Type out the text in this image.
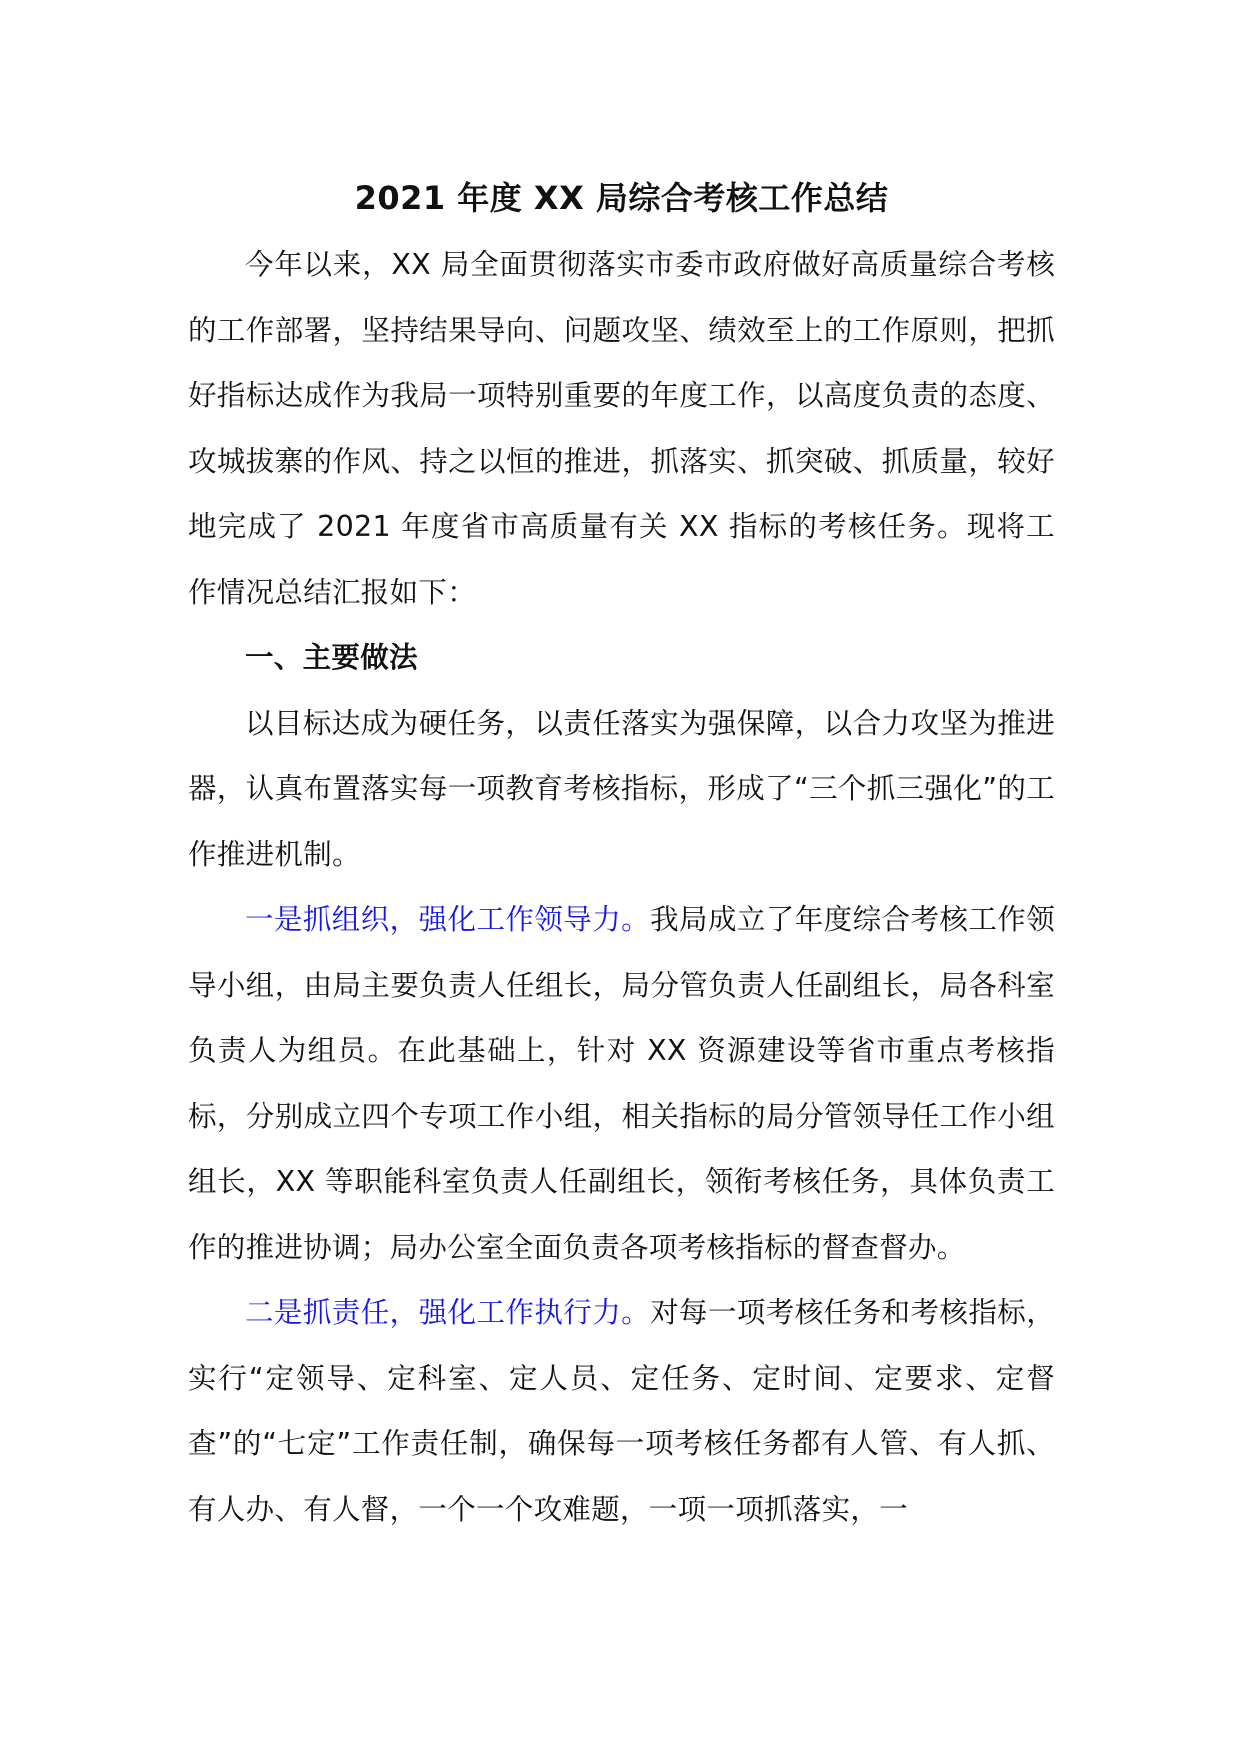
2021 年度 XX 局综合考核工作总结

今年以来，XX 局全面贯彻落实市委市政府做好高质量综合考核的工作部署，坚持结果导向、问题攻坚、绩效至上的工作原则，把抓好指标达成作为我局一项特别重要的年度工作，以高度负责的态度、攻城拔寨的作风、持之以恒的推进，抓落实、抓突破、抓质量，较好地完成了 2021 年度省市高质量有关 XX 指标的考核任务。现将工作情况总结汇报如下：

一、主要做法

以目标达成为硬任务，以责任落实为强保障，以合力攻坚为推进器，认真布置落实每一项教育考核指标，形成了“三个抓三强化”的工作推进机制。

一是抓组织，强化工作领导力。我局成立了年度综合考核工作领导小组，由局主要负责人任组长，局分管负责人任副组长，局各科室负责人为组员。在此基础上，针对 XX 资源建设等省市重点考核指标，分别成立四个专项工作小组，相关指标的局分管领导任工作小组组长，XX 等职能科室负责人任副组长，领衔考核任务，具体负责工作的推进协调；局办公室全面负责各项考核指标的督查督办。

二是抓责任，强化工作执行力。对每一项考核任务和考核指标，实行“定领导、定科室、定人员、定任务、定时间、定要求、定督查”的“七定”工作责任制，确保每一项考核任务都有人管、有人抓、有人办、有人督，一个一个攻难题，一项一项抓落实，一
